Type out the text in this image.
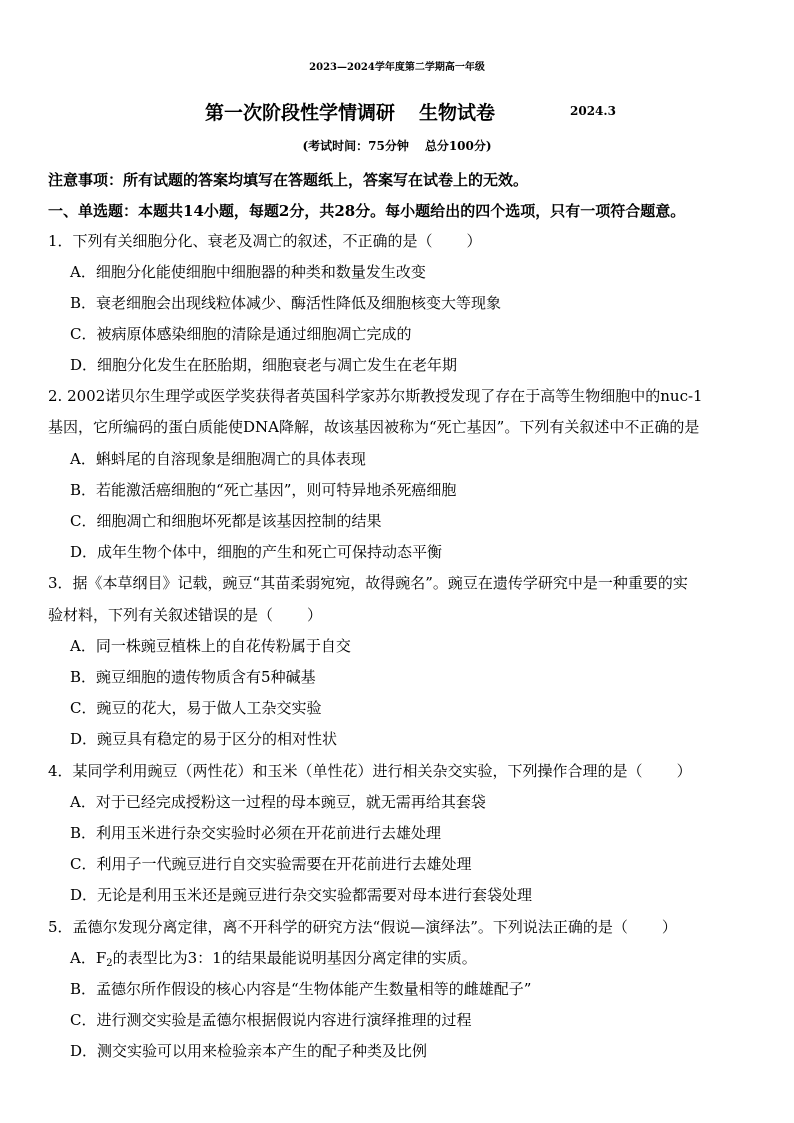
2023—2024学年度第二学期高一年级
第一次阶段性学情调研 生物试卷	2024.3
(考试时间：75分钟 总分100分)
注意事项：所有试题的答案均填写在答题纸上，答案写在试卷上的无效。
一、单选题：本题共14小题，每题2分，共28分。每小题给出的四个选项，只有一项符合题意。
1．下列有关细胞分化、衰老及凋亡的叙述，不正确的是（ ）
A．细胞分化能使细胞中细胞器的种类和数量发生改变
B．衰老细胞会出现线粒体减少、酶活性降低及细胞核变大等现象
C．被病原体感染细胞的清除是通过细胞凋亡完成的
D．细胞分化发生在胚胎期，细胞衰老与凋亡发生在老年期
2. 2002诺贝尔生理学或医学奖获得者英国科学家苏尔斯教授发现了存在于高等生物细胞中的nuc-1
基因，它所编码的蛋白质能使DNA降解，故该基因被称为“死亡基因”。下列有关叙述中不正确的是
A．蝌蚪尾的自溶现象是细胞凋亡的具体表现
B．若能激活癌细胞的“死亡基因”，则可特异地杀死癌细胞
C．细胞凋亡和细胞坏死都是该基因控制的结果
D．成年生物个体中，细胞的产生和死亡可保持动态平衡
3．据《本草纲目》记载，豌豆“其苗柔弱宛宛，故得豌名”。豌豆在遗传学研究中是一种重要的实
验材料，下列有关叙述错误的是（ ）
A．同一株豌豆植株上的自花传粉属于自交
B．豌豆细胞的遗传物质含有5种碱基
C．豌豆的花大，易于做人工杂交实验
D．豌豆具有稳定的易于区分的相对性状
4．某同学利用豌豆（两性花）和玉米（单性花）进行相关杂交实验，下列操作合理的是（ ）
A．对于已经完成授粉这一过程的母本豌豆，就无需再给其套袋
B．利用玉米进行杂交实验时必须在开花前进行去雄处理
C．利用子一代豌豆进行自交实验需要在开花前进行去雄处理
D．无论是利用玉米还是豌豆进行杂交实验都需要对母本进行套袋处理
5．孟德尔发现分离定律，离不开科学的研究方法“假说—演绎法”。下列说法正确的是（ ）
A．$F_2$的表型比为3：1的结果最能说明基因分离定律的实质。
B．孟德尔所作假设的核心内容是“生物体能产生数量相等的雌雄配子”
C．进行测交实验是孟德尔根据假说内容进行演绎推理的过程
D．测交实验可以用来检验亲本产生的配子种类及比例
